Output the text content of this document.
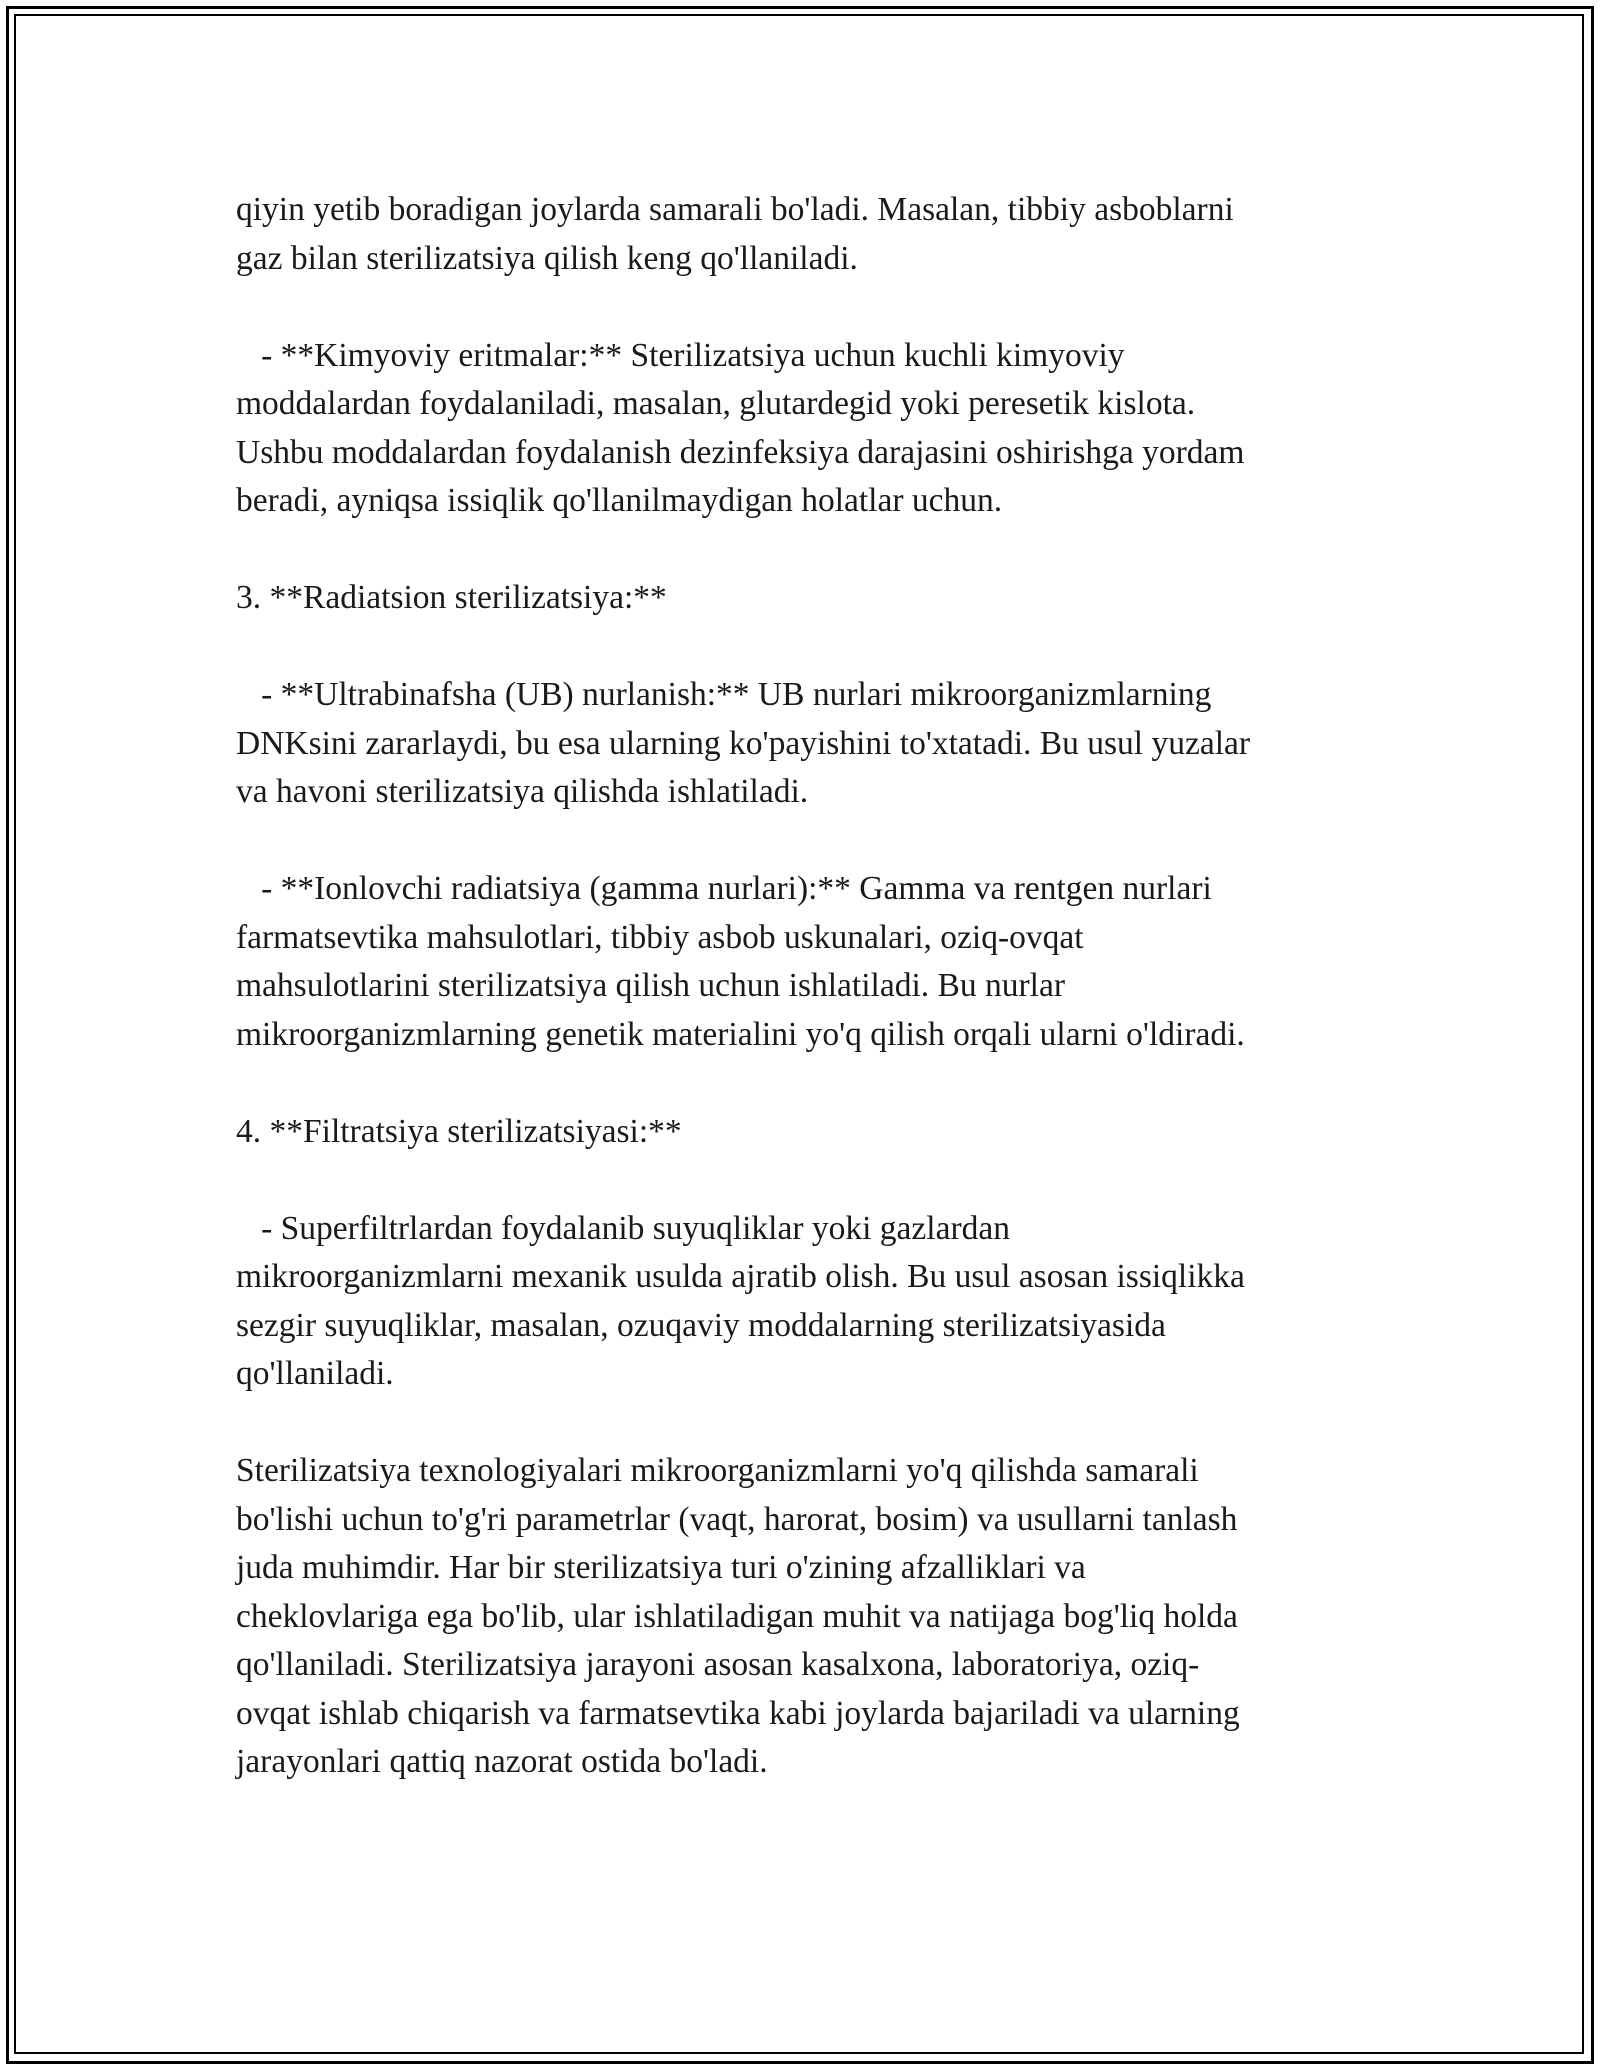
qiyin yetib boradigan joylarda samarali bo'ladi. Masalan, tibbiy asboblarni
gaz bilan sterilizatsiya qilish keng qo'llaniladi.

- **Kimyoviy eritmalar:** Sterilizatsiya uchun kuchli kimyoviy
moddalardan foydalaniladi, masalan, glutardegid yoki peresetik kislota.
Ushbu moddalardan foydalanish dezinfeksiya darajasini oshirishga yordam
beradi, ayniqsa issiqlik qo'llanilmaydigan holatlar uchun.

3. **Radiatsion sterilizatsiya:**

- **Ultrabinafsha (UB) nurlanish:** UB nurlari mikroorganizmlarning
DNKsini zararlaydi, bu esa ularning ko'payishini to'xtatadi. Bu usul yuzalar
va havoni sterilizatsiya qilishda ishlatiladi.

- **Ionlovchi radiatsiya (gamma nurlari):** Gamma va rentgen nurlari
farmatsevtika mahsulotlari, tibbiy asbob uskunalari, oziq-ovqat
mahsulotlarini sterilizatsiya qilish uchun ishlatiladi. Bu nurlar
mikroorganizmlarning genetik materialini yo'q qilish orqali ularni o'ldiradi.

4. **Filtratsiya sterilizatsiyasi:**

- Superfiltrlardan foydalanib suyuqliklar yoki gazlardan
mikroorganizmlarni mexanik usulda ajratib olish. Bu usul asosan issiqlikka
sezgir suyuqliklar, masalan, ozuqaviy moddalarning sterilizatsiyasida
qo'llaniladi.

Sterilizatsiya texnologiyalari mikroorganizmlarni yo'q qilishda samarali
bo'lishi uchun to'g'ri parametrlar (vaqt, harorat, bosim) va usullarni tanlash
juda muhimdir. Har bir sterilizatsiya turi o'zining afzalliklari va
cheklovlariga ega bo'lib, ular ishlatiladigan muhit va natijaga bog'liq holda
qo'llaniladi. Sterilizatsiya jarayoni asosan kasalxona, laboratoriya, oziq-
ovqat ishlab chiqarish va farmatsevtika kabi joylarda bajariladi va ularning
jarayonlari qattiq nazorat ostida bo'ladi.
